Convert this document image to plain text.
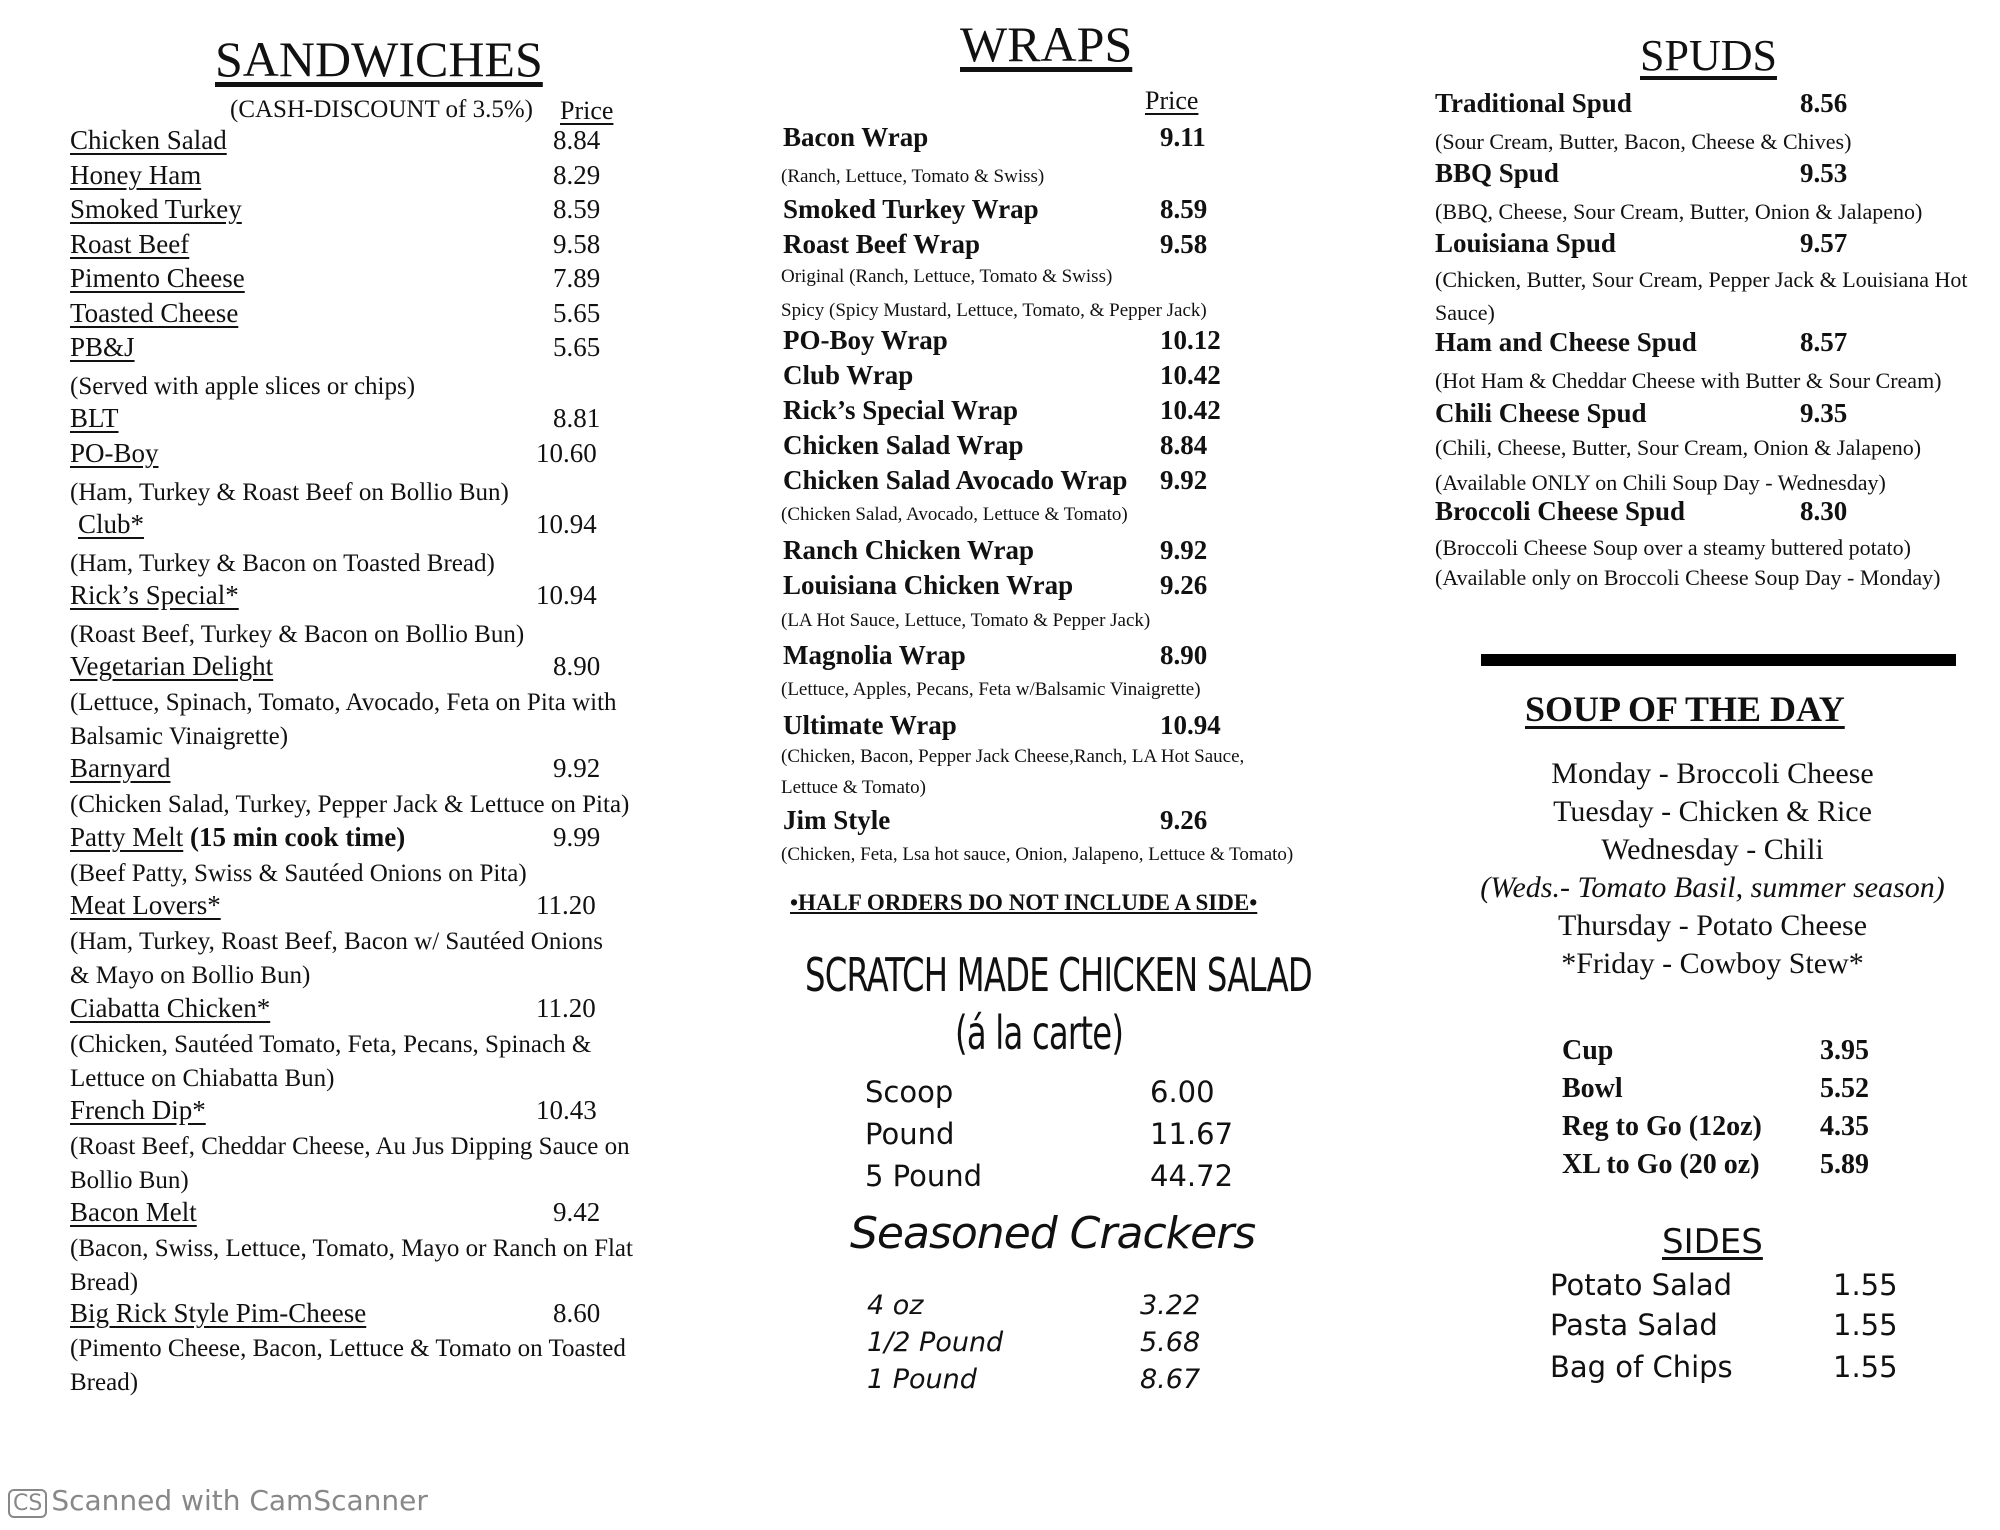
SANDWICHES
(CASH-DISCOUNT of 3.5%) Price
Chicken Salad	8.84
Honey Ham	8.29
Smoked Turkey	8.59
Roast Beef	9.58
Pimento Cheese	7.89
Toasted Cheese	5.65
PB&J	5.65
(Served with apple slices or chips)
BLT	8.81
PO-Boy	10.60
(Ham, Turkey & Roast Beef on Bollio Bun)
Club*	10.94
(Ham, Turkey & Bacon on Toasted Bread)
Rick’s Special*	10.94
(Roast Beef, Turkey & Bacon on Bollio Bun)
Vegetarian Delight	8.90
(Lettuce, Spinach, Tomato, Avocado, Feta on Pita with
Balsamic Vinaigrette)
Barnyard	9.92
(Chicken Salad, Turkey, Pepper Jack & Lettuce on Pita)
Patty Melt (15 min cook time)	9.99
(Beef Patty, Swiss & Sautéed Onions on Pita)
Meat Lovers*	11.20
(Ham, Turkey, Roast Beef, Bacon w/ Sautéed Onions
& Mayo on Bollio Bun)
Ciabatta Chicken*	11.20
(Chicken, Sautéed Tomato, Feta, Pecans, Spinach &
Lettuce on Chiabatta Bun)
French Dip*	10.43
(Roast Beef, Cheddar Cheese, Au Jus Dipping Sauce on
Bollio Bun)
Bacon Melt	9.42
(Bacon, Swiss, Lettuce, Tomato, Mayo or Ranch on Flat
Bread)
Big Rick Style Pim-Cheese	8.60
(Pimento Cheese, Bacon, Lettuce & Tomato on Toasted
Bread)
WRAPS
Price
Bacon Wrap	9.11
(Ranch, Lettuce, Tomato & Swiss)
Smoked Turkey Wrap	8.59
Roast Beef Wrap	9.58
Original (Ranch, Lettuce, Tomato & Swiss)
Spicy (Spicy Mustard, Lettuce, Tomato, & Pepper Jack)
PO-Boy Wrap	10.12
Club Wrap	10.42
Rick’s Special Wrap	10.42
Chicken Salad Wrap	8.84
Chicken Salad Avocado Wrap 9.92
(Chicken Salad, Avocado, Lettuce & Tomato)
Ranch Chicken Wrap	9.92
Louisiana Chicken Wrap	9.26
(LA Hot Sauce, Lettuce, Tomato & Pepper Jack)
Magnolia Wrap	8.90
(Lettuce, Apples, Pecans, Feta w/Balsamic Vinaigrette)
Ultimate Wrap	10.94
(Chicken, Bacon, Pepper Jack Cheese,Ranch, LA Hot Sauce,
Lettuce & Tomato)
Jim Style	9.26
(Chicken, Feta, Lsa hot sauce, Onion, Jalapeno, Lettuce & Tomato)
•HALF ORDERS DO NOT INCLUDE A SIDE•
SCRATCH MADE CHICKEN SALAD
(á la carte)
Scoop	6.00
Pound	11.67
5 Pound	44.72
Seasoned Crackers
4 oz	3.22
1/2 Pound	5.68
1 Pound	8.67
SPUDS
Traditional Spud	8.56
(Sour Cream, Butter, Bacon, Cheese & Chives)
BBQ Spud	9.53
(BBQ, Cheese, Sour Cream, Butter, Onion & Jalapeno)
Louisiana Spud	9.57
(Chicken, Butter, Sour Cream, Pepper Jack & Louisiana Hot
Sauce)
Ham and Cheese Spud	8.57
(Hot Ham & Cheddar Cheese with Butter & Sour Cream)
Chili Cheese Spud	9.35
(Chili, Cheese, Butter, Sour Cream, Onion & Jalapeno)
(Available ONLY on Chili Soup Day - Wednesday)
Broccoli Cheese Spud	8.30
(Broccoli Cheese Soup over a steamy buttered potato)
(Available only on Broccoli Cheese Soup Day - Monday)
SOUP OF THE DAY
Monday - Broccoli Cheese
Tuesday - Chicken & Rice
Wednesday - Chili
(Weds.- Tomato Basil, summer season)
Thursday - Potato Cheese
*Friday - Cowboy Stew*
Cup	3.95
Bowl	5.52
Reg to Go (12oz) 4.35
XL to Go (20 oz) 5.89
SIDES
Potato Salad	1.55
Pasta Salad	1.55
Bag of Chips	1.55
CS Scanned with CamScanner
